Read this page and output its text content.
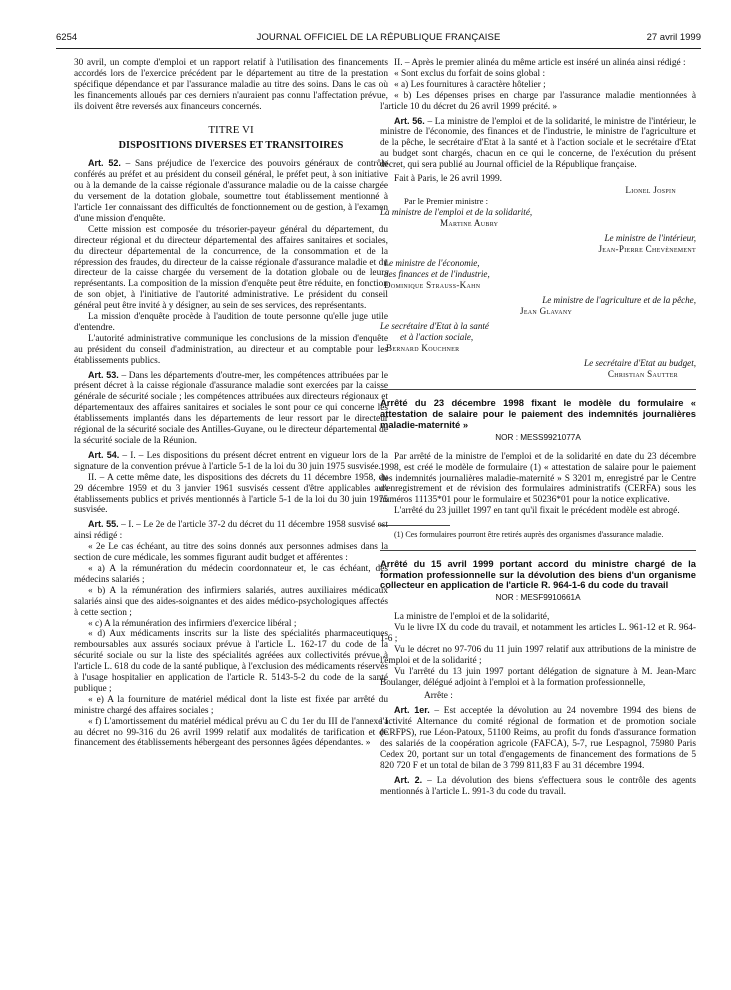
6254	JOURNAL OFFICIEL DE LA RÉPUBLIQUE FRANÇAISE	27 avril 1999

30 avril, un compte d'emploi et un rapport relatif à l'utilisation des financements accordés lors de l'exercice précédent par le département au titre de la prestation spécifique dépendance et par l'assurance maladie au titre des soins. Dans le cas où les financements alloués par ces derniers n'auraient pas connu l'affectation prévue, ils doivent être reversés aux financeurs concernés.

TITRE VI
DISPOSITIONS DIVERSES ET TRANSITOIRES

Art. 52. – Sans préjudice de l'exercice des pouvoirs généraux de contrôle conférés au préfet et au président du conseil général, le préfet peut, à son initiative ou à la demande de la caisse régionale d'assurance maladie ou de la caisse chargée du versement de la dotation globale, soumettre tout établissement mentionné à l'article 1er connaissant des difficultés de fonctionnement ou de gestion, à l'examen d'une mission d'enquête.

Cette mission est composée du trésorier-payeur général du département, du directeur régional et du directeur départemental des affaires sanitaires et sociales, du directeur départemental de la concurrence, de la consommation et de la répression des fraudes, du directeur de la caisse régionale d'assurance maladie et du directeur de la caisse chargée du versement de la dotation globale ou de leurs représentants. La composition de la mission d'enquête peut être réduite, en fonction de son objet, à l'initiative de l'autorité administrative. Le président du conseil général peut être invité à y désigner, au sein de ses services, des représentants.

La mission d'enquête procède à l'audition de toute personne qu'elle juge utile d'entendre.

L'autorité administrative communique les conclusions de la mission d'enquête au président du conseil d'administration, au directeur et au comptable pour les établissements publics.

Art. 53. – Dans les départements d'outre-mer, les compétences attribuées par le présent décret à la caisse régionale d'assurance maladie sont exercées par la caisse générale de sécurité sociale ; les compétences attribuées aux directeurs régionaux et départementaux des affaires sanitaires et sociales le sont pour ce qui concerne les établissements implantés dans les départements de leur ressort par le directeur régional de la sécurité sociale des Antilles-Guyane, ou le directeur départemental de la sécurité sociale de la Réunion.

Art. 54. – I. – Les dispositions du présent décret entrent en vigueur lors de la signature de la convention prévue à l'article 5-1 de la loi du 30 juin 1975 susvisée.

II. – A cette même date, les dispositions des décrets du 11 décembre 1958, du 29 décembre 1959 et du 3 janvier 1961 susvisés cessent d'être applicables aux établissements publics et privés mentionnés à l'article 5-1 de la loi du 30 juin 1975 susvisée.

Art. 55. – I. – Le 2e de l'article 37-2 du décret du 11 décembre 1958 susvisé est ainsi rédigé :

« 2e Le cas échéant, au titre des soins donnés aux personnes admises dans la section de cure médicale, les sommes figurant audit budget et afférentes :

« a) A la rémunération du médecin coordonnateur et, le cas échéant, des médecins salariés ;

« b) A la rémunération des infirmiers salariés, autres auxiliaires médicaux salariés ainsi que des aides-soignantes et des aides médico-psychologiques affectés à cette section ;

« c) A la rémunération des infirmiers d'exercice libéral ;

« d) Aux médicaments inscrits sur la liste des spécialités pharmaceutiques remboursables aux assurés sociaux prévue à l'article L. 162-17 du code de la sécurité sociale ou sur la liste des spécialités agréées aux collectivités prévue à l'article L. 618 du code de la santé publique, à l'exclusion des médicaments réservés à l'usage hospitalier en application de l'article R. 5143-5-2 du code de la santé publique ;

« e) A la fourniture de matériel médical dont la liste est fixée par arrêté du ministre chargé des affaires sociales ;

« f) L'amortissement du matériel médical prévu au C du 1er du III de l'annexe I au décret no 99-316 du 26 avril 1999 relatif aux modalités de tarification et de financement des établissements hébergeant des personnes âgées dépendantes. »

II. – Après le premier alinéa du même article est inséré un alinéa ainsi rédigé :

« Sont exclus du forfait de soins global :

« a) Les fournitures à caractère hôtelier ;

« b) Les dépenses prises en charge par l'assurance maladie mentionnées à l'article 10 du décret du 26 avril 1999 précité. »

Art. 56. – La ministre de l'emploi et de la solidarité, le ministre de l'intérieur, le ministre de l'économie, des finances et de l'industrie, le ministre de l'agriculture et de la pêche, le secrétaire d'Etat à la santé et à l'action sociale et le secrétaire d'Etat au budget sont chargés, chacun en ce qui le concerne, de l'exécution du présent décret, qui sera publié au Journal officiel de la République française.

Fait à Paris, le 26 avril 1999.

Lionel Jospin
Par le Premier ministre :
La ministre de l'emploi et de la solidarité,
Martine Aubry
Le ministre de l'intérieur,
Jean-Pierre Chevènement
Le ministre de l'économie,
des finances et de l'industrie,
Dominique Strauss-Kahn
Le ministre de l'agriculture et de la pêche,
Jean Glavany
Le secrétaire d'Etat à la santé
et à l'action sociale,
Bernard Kouchner
Le secrétaire d'Etat au budget,
Christian Sautter
Arrêté du 23 décembre 1998 fixant le modèle du formulaire « attestation de salaire pour le paiement des indemnités journalières maladie-maternité »
NOR : MESS9921077A

Par arrêté de la ministre de l'emploi et de la solidarité en date du 23 décembre 1998, est créé le modèle de formulaire (1) « attestation de salaire pour le paiement des indemnités journalières maladie-maternité » S 3201 m, enregistré par le Centre d'enregistrement et de révision des formulaires administratifs (CERFA) sous les numéros 11135*01 pour le formulaire et 50236*01 pour la notice explicative.

L'arrêté du 23 juillet 1997 en tant qu'il fixait le précédent modèle est abrogé.

(1) Ces formulaires pourront être retirés auprès des organismes d'assurance maladie.

Arrêté du 15 avril 1999 portant accord du ministre chargé de la formation professionnelle sur la dévolution des biens d'un organisme collecteur en application de l'article R. 964-1-6 du code du travail
NOR : MESF9910661A

La ministre de l'emploi et de la solidarité,

Vu le livre IX du code du travail, et notamment les articles L. 961-12 et R. 964-1-6 ;

Vu le décret no 97-706 du 11 juin 1997 relatif aux attributions de la ministre de l'emploi et de la solidarité ;

Vu l'arrêté du 13 juin 1997 portant délégation de signature à M. Jean-Marc Boulanger, délégué adjoint à l'emploi et à la formation professionnelle,

Arrête :

Art. 1er. – Est acceptée la dévolution au 24 novembre 1994 des biens de l'activité Alternance du comité régional de formation et de promotion sociale (CRFPS), rue Léon-Patoux, 51100 Reims, au profit du fonds d'assurance formation des salariés de la coopération agricole (FAFCA), 5-7, rue Lespagnol, 75980 Paris Cedex 20, portant sur un total d'engagements de financement des formations de 5 820 720 F et un total de bilan de 3 799 811,83 F au 31 décembre 1994.

Art. 2. – La dévolution des biens s'effectuera sous le contrôle des agents mentionnés à l'article L. 991-3 du code du travail.
